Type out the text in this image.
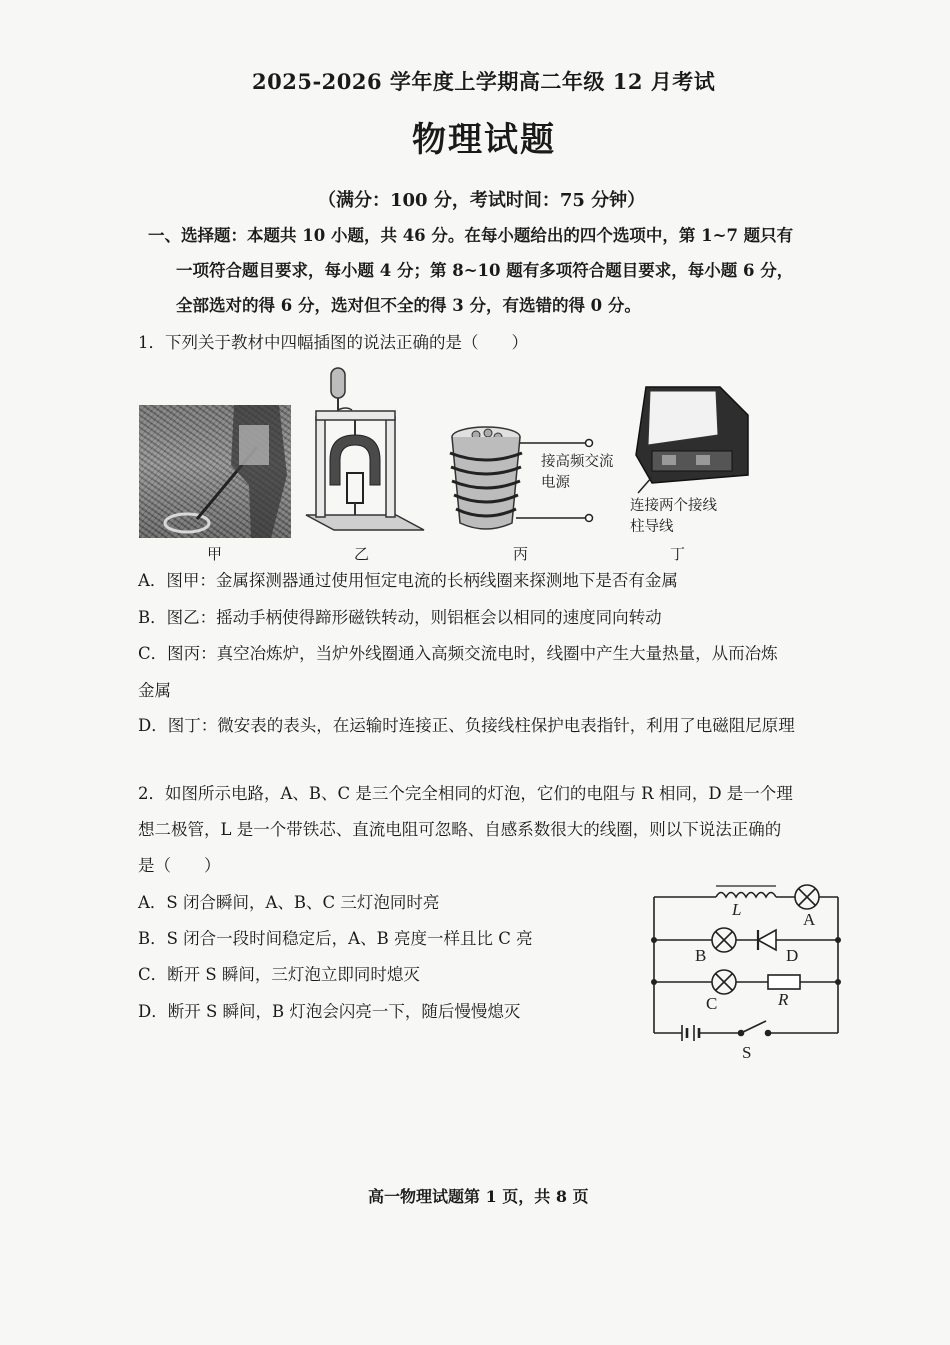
2025-2026 学年度上学期高二年级 12 月考试
物理试题
（满分：100 分，考试时间：75 分钟）
一、选择题：本题共 10 小题，共 46 分。在每小题给出的四个选项中，第 1~7 题只有
一项符合题目要求，每小题 4 分；第 8~10 题有多项符合题目要求，每小题 6 分，
全部选对的得 6 分，选对但不全的得 3 分，有选错的得 0 分。
1．下列关于教材中四幅插图的说法正确的是（　　）
接高频交流电源
连接两个接线柱导线
甲	乙	丙	丁
A．图甲：金属探测器通过使用恒定电流的长柄线圈来探测地下是否有金属
B．图乙：摇动手柄使得蹄形磁铁转动，则铝框会以相同的速度同向转动
C．图丙：真空冶炼炉，当炉外线圈通入高频交流电时，线圈中产生大量热量，从而冶炼
金属
D．图丁：微安表的表头，在运输时连接正、负接线柱保护电表指针，利用了电磁阻尼原理
2．如图所示电路，A、B、C 是三个完全相同的灯泡，它们的电阻与 R 相同，D 是一个理
想二极管，L 是一个带铁芯、直流电阻可忽略、自感系数很大的线圈，则以下说法正确的
是（　　）
A．S 闭合瞬间，A、B、C 三灯泡同时亮
B．S 闭合一段时间稳定后，A、B 亮度一样且比 C 亮
C．断开 S 瞬间，三灯泡立即同时熄灭
D．断开 S 瞬间，B 灯泡会闪亮一下，随后慢慢熄灭
L
A
B	D
C	R
S
高一物理试题第 1 页，共 8 页
